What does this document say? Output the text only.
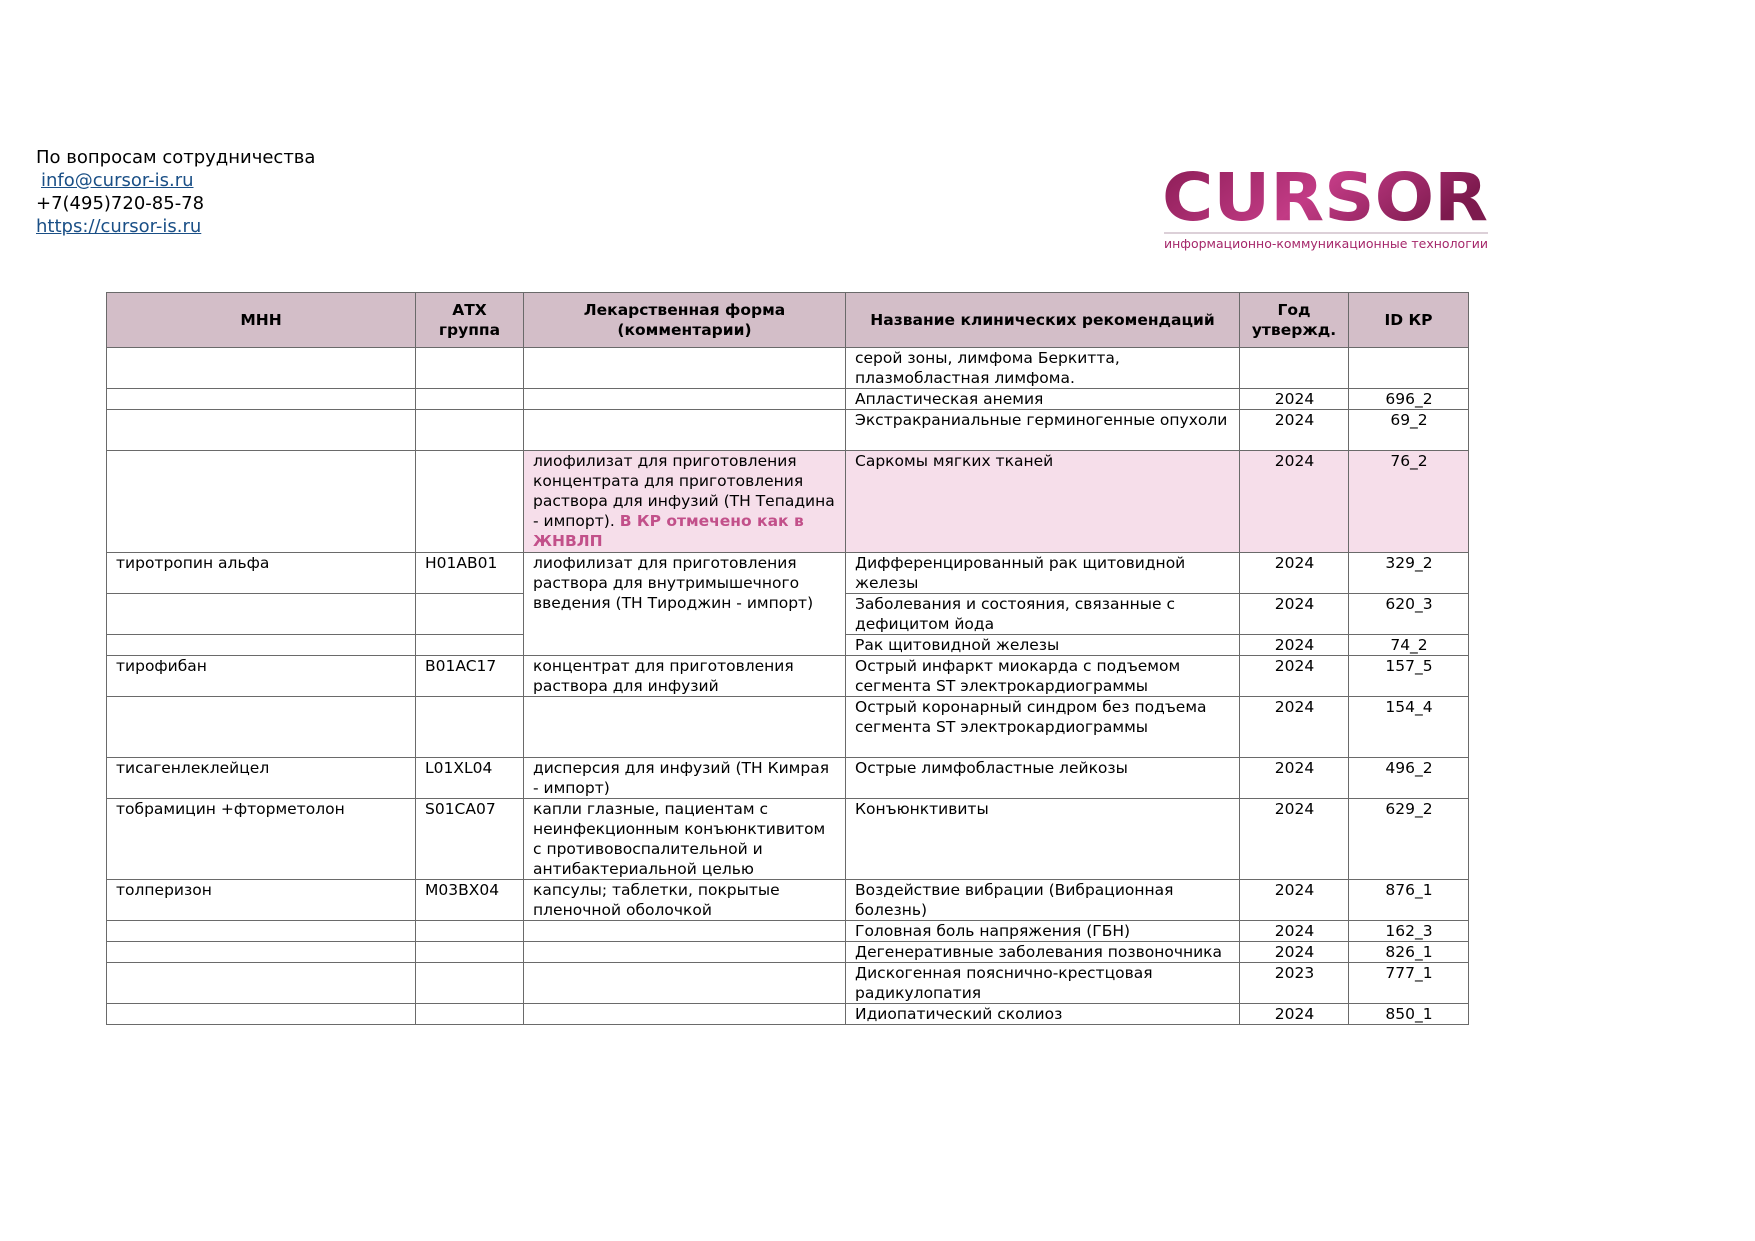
По вопросам сотрудничества
info@cursor-is.ru
+7(495)720-85-78
https://cursor-is.ru	CURSOR
информационно-коммуникационные технологии
МНН	АТХ группа	Лекарственная форма (комментарии)	Название клинических рекомендаций	Год утвержд.	ID КР
			серой зоны, лимфома Беркитта, плазмобластная лимфома.		
			Апластическая анемия	2024	696_2
			Экстракраниальные герминогенные опухоли	2024	69_2
		лиофилизат для приготовления концентрата для приготовления раствора для инфузий (ТН Тепадина - импорт). В КР отмечено как в ЖНВЛП	Саркомы мягких тканей	2024	76_2
тиротропин альфа	H01AB01	лиофилизат для приготовления раствора для внутримышечного введения (ТН Тироджин - импорт)	Дифференцированный рак щитовидной железы	2024	329_2
			Заболевания и состояния, связанные с дефицитом йода	2024	620_3
			Рак щитовидной железы	2024	74_2
тирофибан	B01AC17	концентрат для приготовления раствора для инфузий	Острый инфаркт миокарда с подъемом сегмента ST электрокардиограммы	2024	157_5
			Острый коронарный синдром без подъема сегмента ST электрокардиограммы	2024	154_4
тисагенлеклейцел	L01XL04	дисперсия для инфузий (ТН Кимрая - импорт)	Острые лимфобластные лейкозы	2024	496_2
тобрамицин +фторметолон	S01CA07	капли глазные, пациентам с неинфекционным конъюнктивитом с противовоспалительной и антибактериальной целью	Конъюнктивиты	2024	629_2
толперизон	M03BX04	капсулы; таблетки, покрытые пленочной оболочкой	Воздействие вибрации (Вибрационная болезнь)	2024	876_1
			Головная боль напряжения (ГБН)	2024	162_3
			Дегенеративные заболевания позвоночника	2024	826_1
			Дискогенная пояснично-крестцовая радикулопатия	2023	777_1
			Идиопатический сколиоз	2024	850_1
